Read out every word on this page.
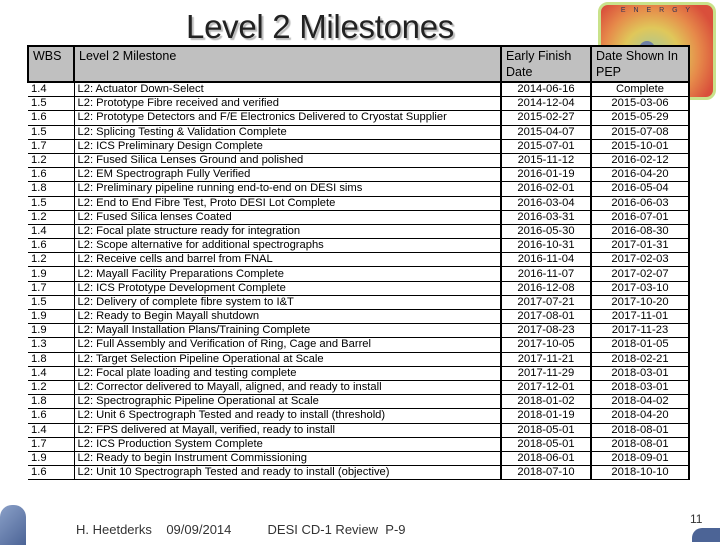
Level 2 Milestones	E N E R G Y
WBS	Level 2 Milestone	Early Finish Date	Date Shown In PEP
1.4	L2: Actuator Down-Select	2014-06-16	Complete
1.5	L2: Prototype Fibre received and verified	2014-12-04	2015-03-06
1.6	L2: Prototype Detectors and F/E Electronics Delivered to Cryostat Supplier	2015-02-27	2015-05-29
1.5	L2: Splicing Testing & Validation Complete	2015-04-07	2015-07-08
1.7	L2: ICS Preliminary Design Complete	2015-07-01	2015-10-01
1.2	L2: Fused Silica Lenses Ground and polished	2015-11-12	2016-02-12
1.6	L2: EM Spectrograph Fully Verified	2016-01-19	2016-04-20
1.8	L2: Preliminary pipeline running end-to-end on DESI sims	2016-02-01	2016-05-04
1.5	L2: End to End Fibre Test, Proto DESI Lot Complete	2016-03-04	2016-06-03
1.2	L2: Fused Silica lenses Coated	2016-03-31	2016-07-01
1.4	L2: Focal plate structure ready for integration	2016-05-30	2016-08-30
1.6	L2: Scope alternative for additional spectrographs	2016-10-31	2017-01-31
1.2	L2: Receive cells and barrel from FNAL	2016-11-04	2017-02-03
1.9	L2: Mayall Facility Preparations Complete	2016-11-07	2017-02-07
1.7	L2: ICS Prototype Development Complete	2016-12-08	2017-03-10
1.5	L2: Delivery of complete fibre system to I&T	2017-07-21	2017-10-20
1.9	L2: Ready to Begin Mayall shutdown	2017-08-01	2017-11-01
1.9	L2: Mayall Installation Plans/Training Complete	2017-08-23	2017-11-23
1.3	L2: Full Assembly and Verification of Ring, Cage and Barrel	2017-10-05	2018-01-05
1.8	L2: Target Selection Pipeline Operational at Scale	2017-11-21	2018-02-21
1.4	L2: Focal plate loading and testing complete	2017-11-29	2018-03-01
1.2	L2: Corrector delivered to Mayall, aligned, and ready to install	2017-12-01	2018-03-01
1.8	L2: Spectrographic Pipeline Operational at Scale	2018-01-02	2018-04-02
1.6	L2: Unit 6 Spectrograph Tested and ready to install (threshold)	2018-01-19	2018-04-20
1.4	L2: FPS delivered at Mayall, verified, ready to install	2018-05-01	2018-08-01
1.7	L2: ICS Production System Complete	2018-05-01	2018-08-01
1.9	L2: Ready to begin Instrument Commissioning	2018-06-01	2018-09-01
1.6	L2: Unit 10 Spectrograph Tested and ready to install (objective)	2018-07-10	2018-10-10
H. Heetderks 09/09/2014	DESI CD-1 Review  P-9
11
